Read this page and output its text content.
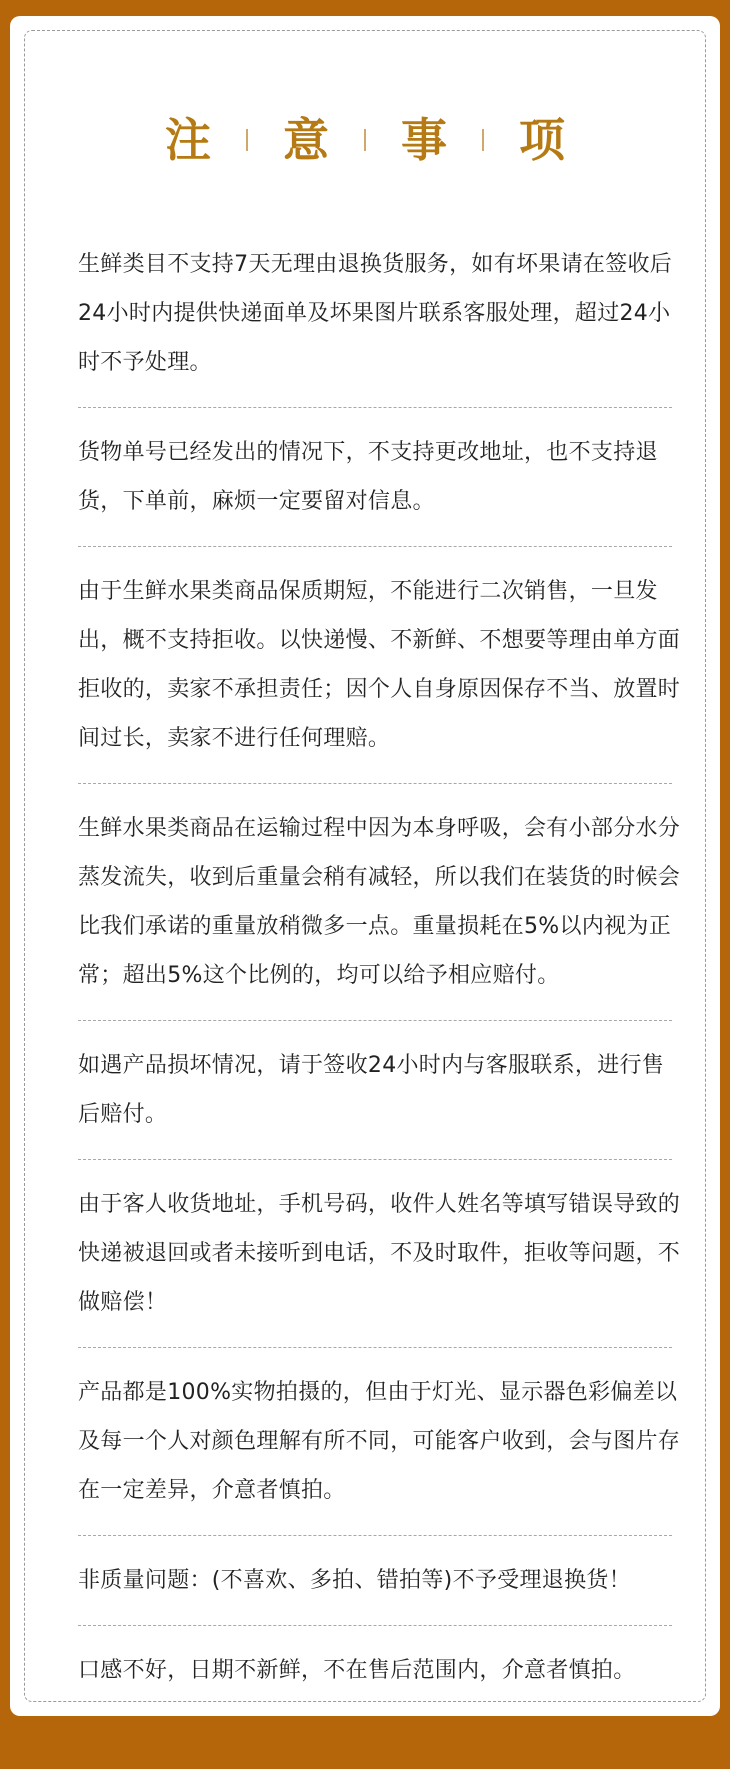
注 意 事 项

生鲜类目不支持7天无理由退换货服务，如有坏果请在签收后24小时内提供快递面单及坏果图片联系客服处理，超过24小时不予处理。

货物单号已经发出的情况下，不支持更改地址，也不支持退货，下单前，麻烦一定要留对信息。

由于生鲜水果类商品保质期短，不能进行二次销售，一旦发出，概不支持拒收。以快递慢、不新鲜、不想要等理由单方面拒收的，卖家不承担责任；因个人自身原因保存不当、放置时间过长，卖家不进行任何理赔。

生鲜水果类商品在运输过程中因为本身呼吸，会有小部分水分蒸发流失，收到后重量会稍有减轻，所以我们在装货的时候会比我们承诺的重量放稍微多一点。重量损耗在5%以内视为正常；超出5%这个比例的，均可以给予相应赔付。

如遇产品损坏情况，请于签收24小时内与客服联系，进行售后赔付。

由于客人收货地址，手机号码，收件人姓名等填写错误导致的快递被退回或者未接听到电话，不及时取件，拒收等问题，不做赔偿！

产品都是100%实物拍摄的，但由于灯光、显示器色彩偏差以及每一个人对颜色理解有所不同，可能客户收到，会与图片存在一定差异，介意者慎拍。

非质量问题：(不喜欢、多拍、错拍等)不予受理退换货！

口感不好，日期不新鲜，不在售后范围内，介意者慎拍。
